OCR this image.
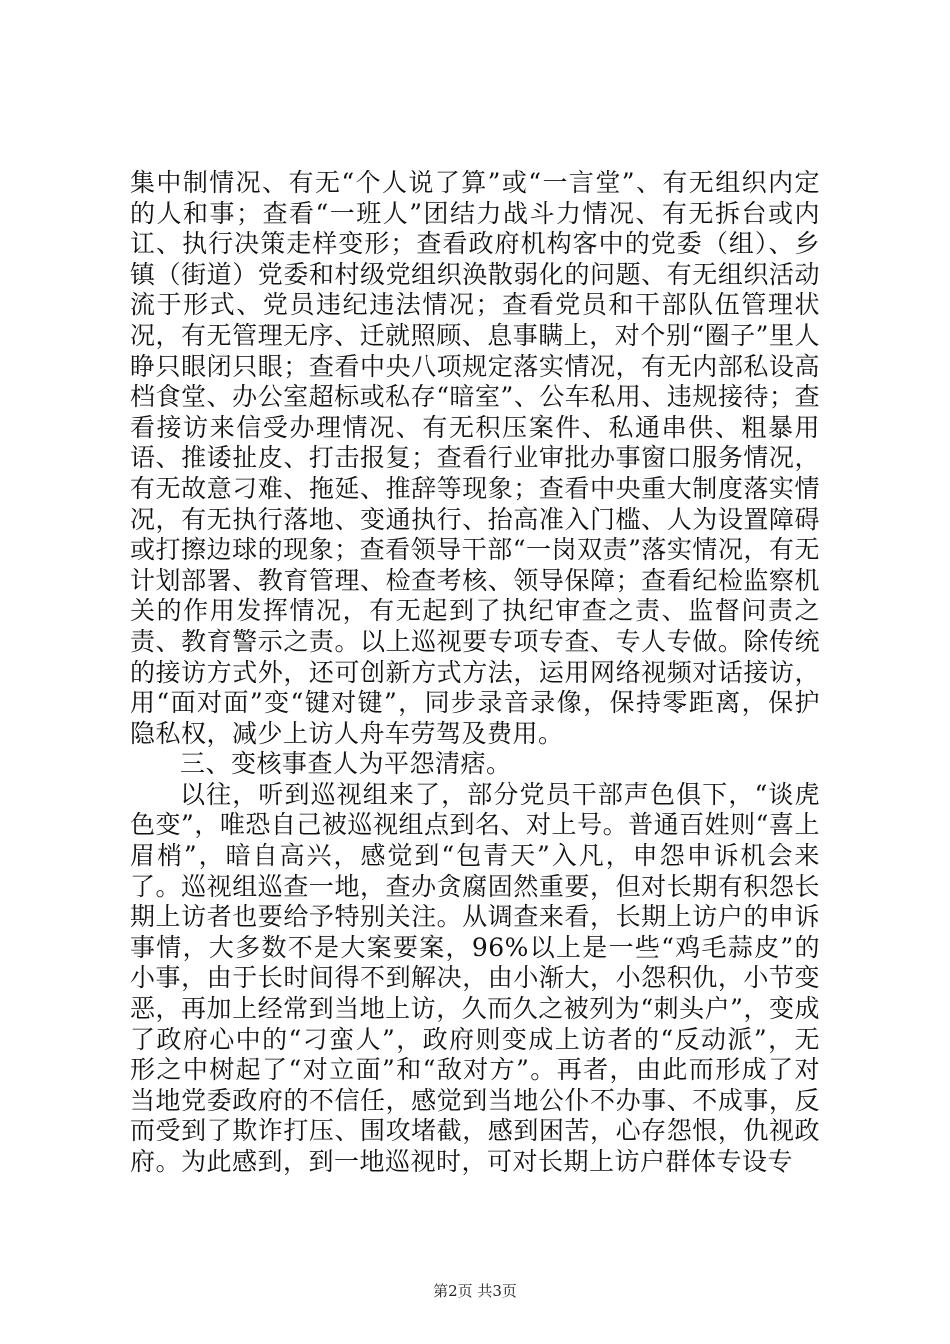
集中制情况、有无“个人说了算”或“一言堂”、有无组织内定的人和事；查看“一班人”团结力战斗力情况、有无拆台或内讧、执行决策走样变形；查看政府机构客中的党委（组）、乡镇（街道）党委和村级党组织涣散弱化的问题、有无组织活动流于形式、党员违纪违法情况；查看党员和干部队伍管理状况，有无管理无序、迁就照顾、息事瞒上，对个别“圈子”里人睁只眼闭只眼；查看中央八项规定落实情况，有无内部私设高档食堂、办公室超标或私存“暗室”、公车私用、违规接待；查看接访来信受办理情况、有无积压案件、私通串供、粗暴用语、推诿扯皮、打击报复；查看行业审批办事窗口服务情况，有无故意刁难、拖延、推辞等现象；查看中央重大制度落实情况，有无执行落地、变通执行、抬高准入门槛、人为设置障碍或打擦边球的现象；查看领导干部“一岗双责”落实情况，有无计划部署、教育管理、检查考核、领导保障；查看纪检监察机关的作用发挥情况，有无起到了执纪审查之责、监督问责之责、教育警示之责。以上巡视要专项专查、专人专做。除传统的接访方式外，还可创新方式方法，运用网络视频对话接访，用“面对面”变“键对键”，同步录音录像，保持零距离，保护隐私权，减少上访人舟车劳驾及费用。

三、变核事查人为平怨清痞。

以往，听到巡视组来了，部分党员干部声色俱下，“谈虎色变”，唯恐自己被巡视组点到名、对上号。普通百姓则“喜上眉梢”，暗自高兴，感觉到“包青天”入凡，申怨申诉机会来了。巡视组巡查一地，查办贪腐固然重要，但对长期有积怨长期上访者也要给予特别关注。从调查来看，长期上访户的申诉事情，大多数不是大案要案，96%以上是一些“鸡毛蒜皮”的小事，由于长时间得不到解决，由小渐大，小怨积仇，小节变恶，再加上经常到当地上访，久而久之被列为“刺头户”，变成了政府心中的“刁蛮人”，政府则变成上访者的“反动派”，无形之中树起了“对立面”和“敌对方”。再者，由此而形成了对当地党委政府的不信任，感觉到当地公仆不办事、不成事，反而受到了欺诈打压、围攻堵截，感到困苦，心存怨恨，仇视政府。为此感到，到一地巡视时，可对长期上访户群体专设专

第2页 共3页
